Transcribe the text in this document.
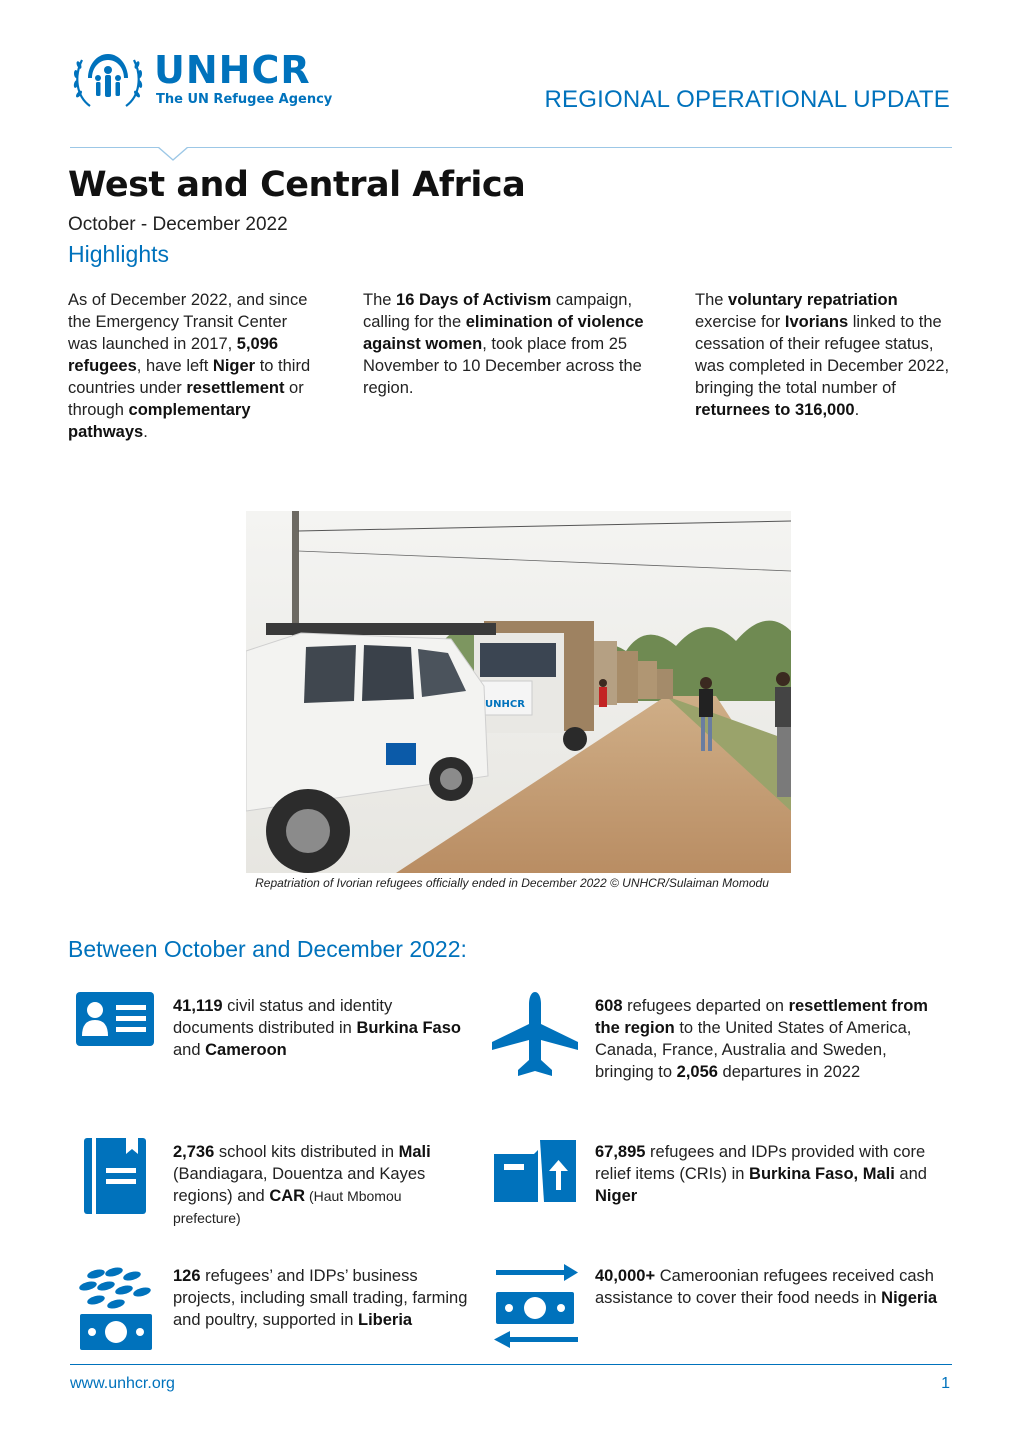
UNHCR
The UN Refugee Agency	REGIONAL OPERATIONAL UPDATE
West and Central Africa
October - December 2022
Highlights

As of December 2022, and since the Emergency Transit Center was launched in 2017, 5,096 refugees, have left Niger to third countries under resettlement or through complementary pathways.

The 16 Days of Activism campaign, calling for the elimination of violence against women, took place from 25 November to 10 December across the region.

The voluntary repatriation exercise for Ivorians linked to the cessation of their refugee status, was completed in December 2022, bringing the total number of returnees to 316,000.

UNHCR
Repatriation of Ivorian refugees officially ended in December 2022 © UNHCR/Sulaiman Momodu
Between October and December 2022:

41,119 civil status and identity documents distributed in Burkina Faso and Cameroon

608 refugees departed on resettlement from the region to the United States of America, Canada, France, Australia and Sweden, bringing to 2,056 departures in 2022

2,736 school kits distributed in Mali (Bandiagara, Douentza and Kayes regions) and CAR (Haut Mbomou prefecture)

67,895 refugees and IDPs provided with core relief items (CRIs) in Burkina Faso, Mali and Niger

126 refugees’ and IDPs’ business projects, including small trading, farming and poultry, supported in Liberia

40,000+ Cameroonian refugees received cash assistance to cover their food needs in Nigeria

www.unhcr.org	1
